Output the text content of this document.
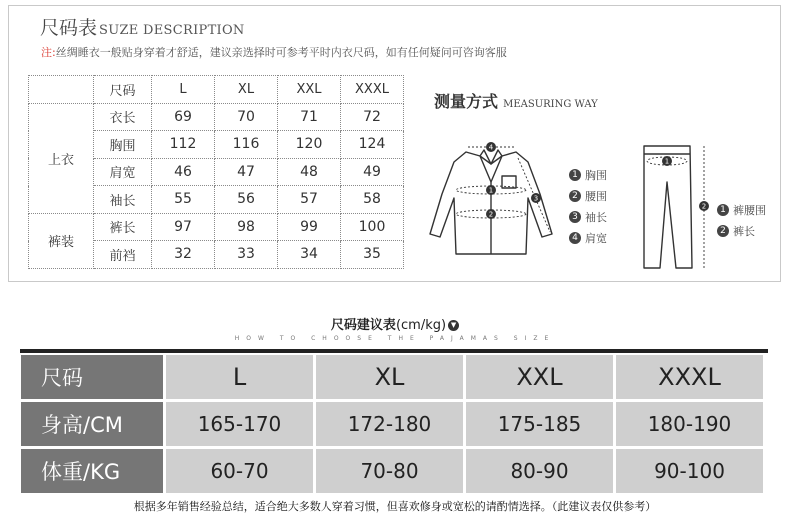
尺码表 SUZE DESCRIPTION
注:丝绸睡衣一般贴身穿着才舒适，建议亲选择时可参考平时内衣尺码，如有任何疑问可咨询客服
	尺码	L	XL	XXL	XXXL
上衣	衣长	69	70	71	72
	胸围	112	116	120	124
	肩宽	46	47	48	49
	袖长	55	56	57	58
裤装	裤长	97	98	99	100
	前裆	32	33	34	35
测量方式 MEASURING WAY
4
1
2
3
1 胸围
2 腰围
3 袖长
4 肩宽
1
2	1 裤腰围
2 裤长
尺码建议表(cm/kg) ▼
HOW TO CHOOSE THE PAJAMAS SIZE
尺码	L	XL	XXL	XXXL
身高/CM	165-170	172-180	175-185	180-190
体重/KG	60-70	70-80	80-90	90-100
根据多年销售经验总结，适合绝大多数人穿着习惯，但喜欢修身或宽松的请酌情选择。（此建议表仅供参考）
